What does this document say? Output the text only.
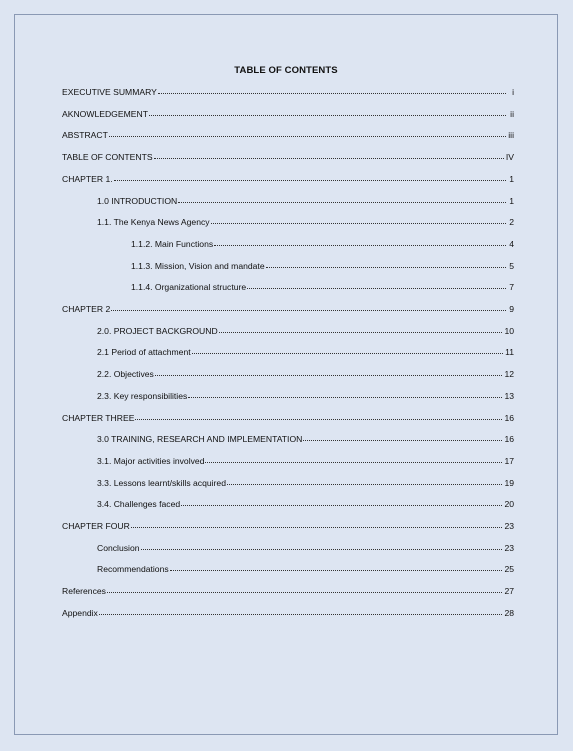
TABLE OF CONTENTS
EXECUTIVE SUMMARY	i
AKNOWLEDGEMENT	ii
ABSTRACT	iii
TABLE OF CONTENTS	IV
CHAPTER 1.	1
1.0 INTRODUCTION	1
1.1. The Kenya News Agency	2
1.1.2. Main Functions	4
1.1.3. Mission, Vision and mandate	5
1.1.4. Organizational structure	7
CHAPTER 2	9
2.0. PROJECT BACKGROUND	10
2.1 Period of attachment	11
2.2. Objectives	12
2.3. Key responsibilities	13
CHAPTER THREE	16
3.0 TRAINING, RESEARCH AND IMPLEMENTATION	16
3.1. Major activities involved	17
3.3. Lessons learnt/skills acquired	19
3.4. Challenges faced	20
CHAPTER FOUR	23
Conclusion	23
Recommendations	25
References	27
Appendix	28
